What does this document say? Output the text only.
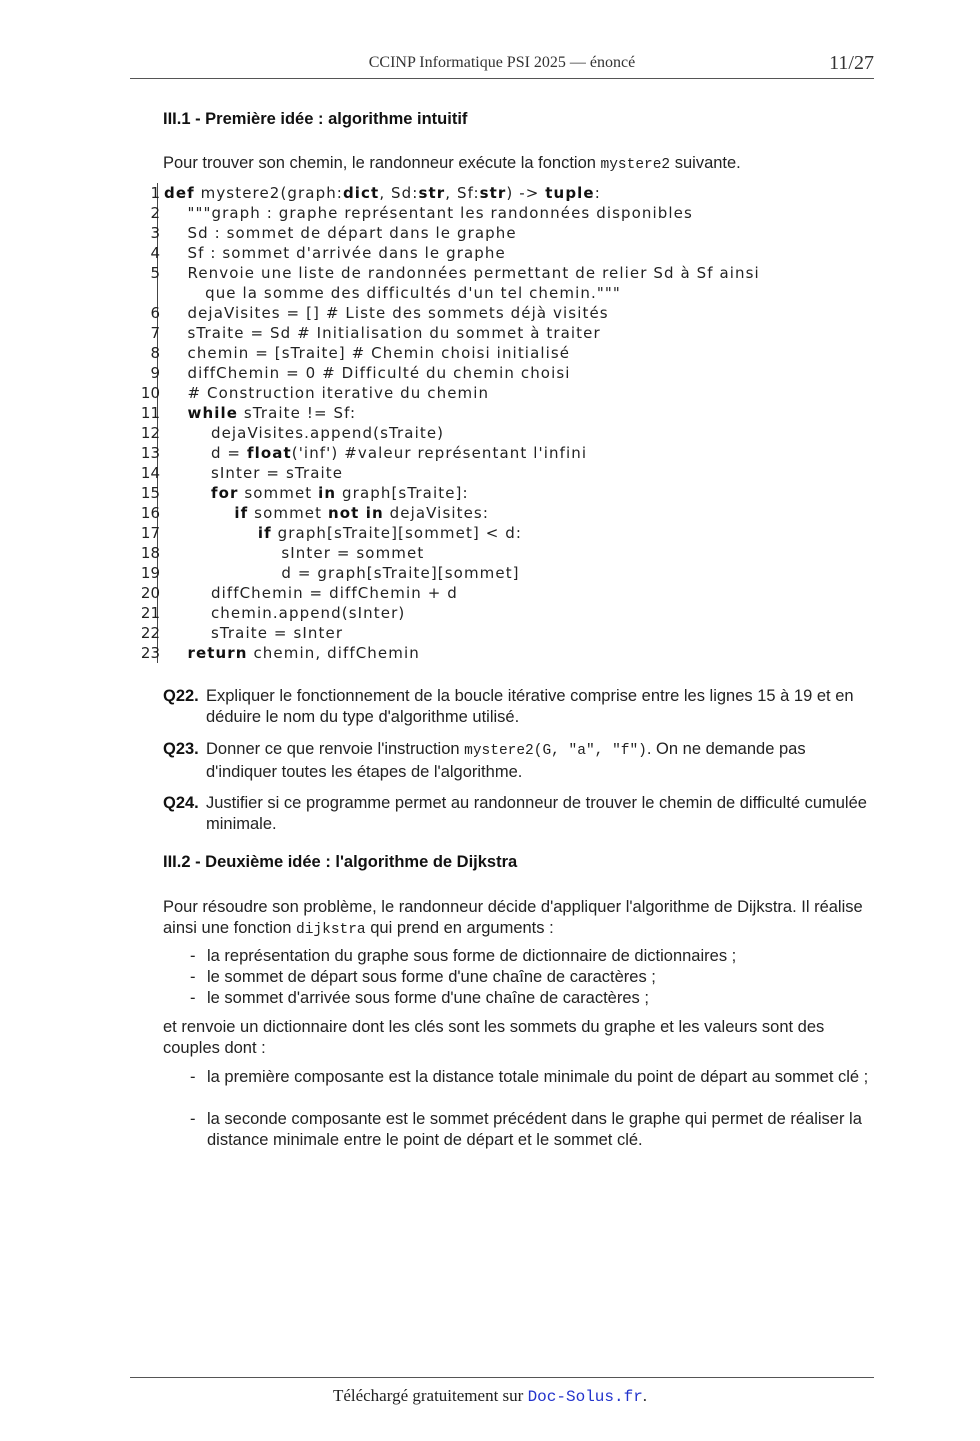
CCINP Informatique PSI 2025 — énoncé	11/27
III.1 - Première idée : algorithme intuitif
Pour trouver son chemin, le randonneur exécute la fonction mystere2 suivante.
1 def mystere2(graph:dict, Sd:str, Sf:str) -> tuple:
2 """graph : graphe représentant les randonnées disponibles
3 Sd : sommet de départ dans le graphe
4 Sf : sommet d'arrivée dans le graphe
5 Renvoie une liste de randonnées permettant de relier Sd à Sf ainsi
que la somme des difficultés d'un tel chemin."""
6 dejaVisites = [] # Liste des sommets déjà visités
7 sTraite = Sd # Initialisation du sommet à traiter
8 chemin = [sTraite] # Chemin choisi initialisé
9 diffChemin = 0 # Difficulté du chemin choisi
10 # Construction iterative du chemin
11	while sTraite != Sf:
12 dejaVisites.append(sTraite)
13 d = float('inf') #valeur représentant l'infini
14 sInter = sTraite
15	for sommet in graph[sTraite]:
16	if sommet not in dejaVisites:
17	if graph[sTraite][sommet] < d:
18 sInter = sommet
19 d = graph[sTraite][sommet]
20 diffChemin = diffChemin + d
21 chemin.append(sInter)
22 sTraite = sInter
23	return chemin, diffChemin
Q22. Expliquer le fonctionnement de la boucle itérative comprise entre les lignes 15 à 19 et en déduire le nom du type d'algorithme utilisé.
Q23. Donner ce que renvoie l'instruction mystere2(G, "a", "f"). On ne demande pas d'indiquer toutes les étapes de l'algorithme.
Q24. Justifier si ce programme permet au randonneur de trouver le chemin de difficulté cumulée minimale.
III.2 - Deuxième idée : l'algorithme de Dijkstra
Pour résoudre son problème, le randonneur décide d'appliquer l'algorithme de Dijkstra. Il réalise ainsi une fonction dijkstra qui prend en arguments :
- la représentation du graphe sous forme de dictionnaire de dictionnaires ;
- le sommet de départ sous forme d'une chaîne de caractères ;
- le sommet d'arrivée sous forme d'une chaîne de caractères ;
et renvoie un dictionnaire dont les clés sont les sommets du graphe et les valeurs sont des couples dont :
- la première composante est la distance totale minimale du point de départ au sommet clé ;
- la seconde composante est le sommet précédent dans le graphe qui permet de réaliser la distance minimale entre le point de départ et le sommet clé.
Téléchargé gratuitement sur Doc-Solus.fr.
